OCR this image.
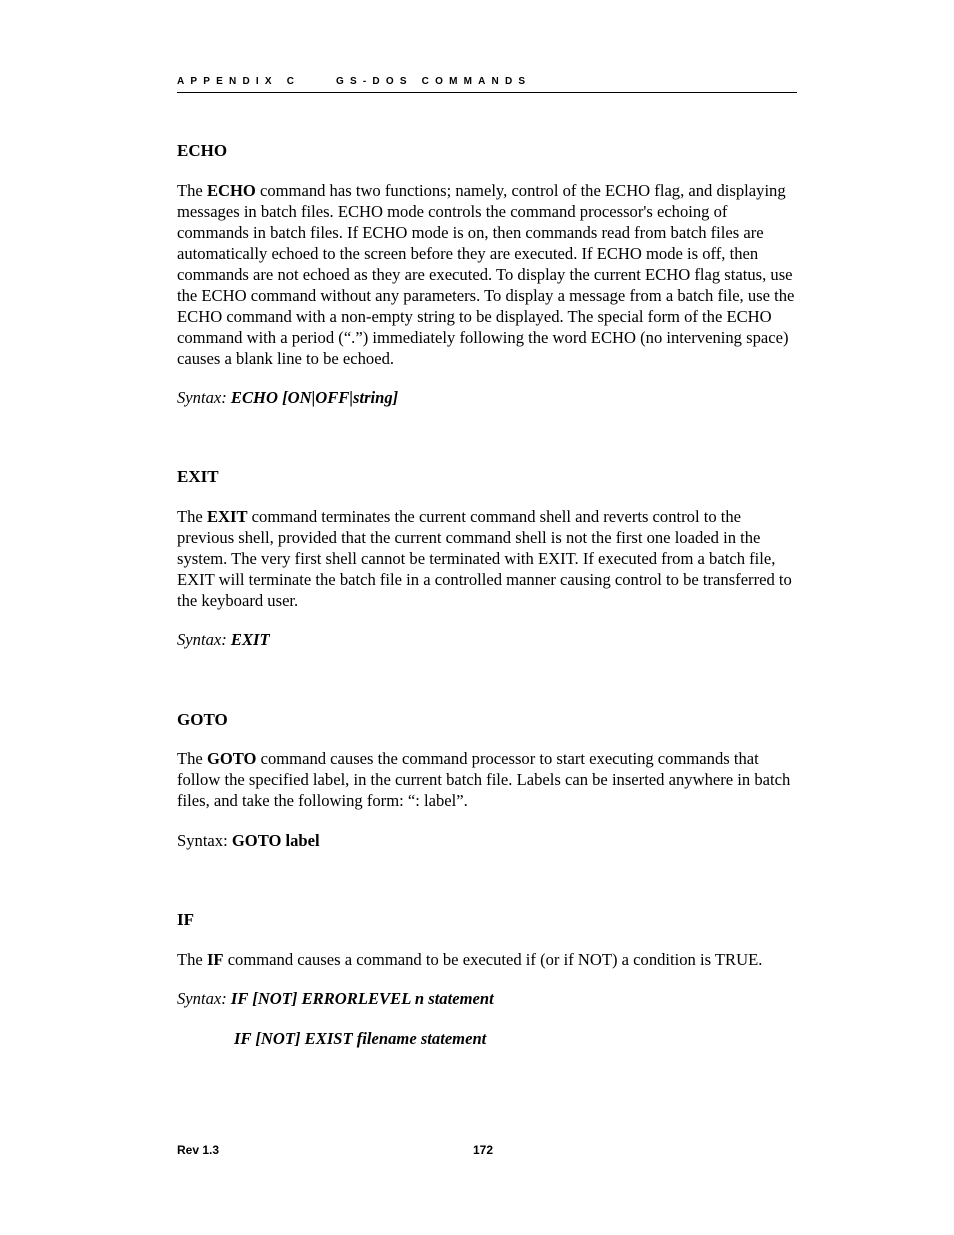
APPENDIX C	GS-DOS COMMANDS
ECHO

The ECHO command has two functions; namely, control of the ECHO flag, and displaying messages in batch files. ECHO mode controls the command processor's echoing of commands in batch files. If ECHO mode is on, then commands read from batch files are automatically echoed to the screen before they are executed. If ECHO mode is off, then commands are not echoed as they are executed. To display the current ECHO flag status, use the ECHO command without any parameters. To display a message from a batch file, use the ECHO command with a non-empty string to be displayed. The special form of the ECHO command with a period (“.”) immediately following the word ECHO (no intervening space) causes a blank line to be echoed.

Syntax: ECHO [ON|OFF|string]
EXIT

The EXIT command terminates the current command shell and reverts control to the previous shell, provided that the current command shell is not the first one loaded in the system. The very first shell cannot be terminated with EXIT. If executed from a batch file, EXIT will terminate the batch file in a controlled manner causing control to be transferred to the keyboard user.

Syntax: EXIT
GOTO

The GOTO command causes the command processor to start executing commands that follow the specified label, in the current batch file. Labels can be inserted anywhere in batch files, and take the following form: “: label”.

Syntax: GOTO label
IF

The IF command causes a command to be executed if (or if NOT) a condition is TRUE.

Syntax: IF [NOT] ERRORLEVEL n statement
IF [NOT] EXIST filename statement
Rev 1.3	172
